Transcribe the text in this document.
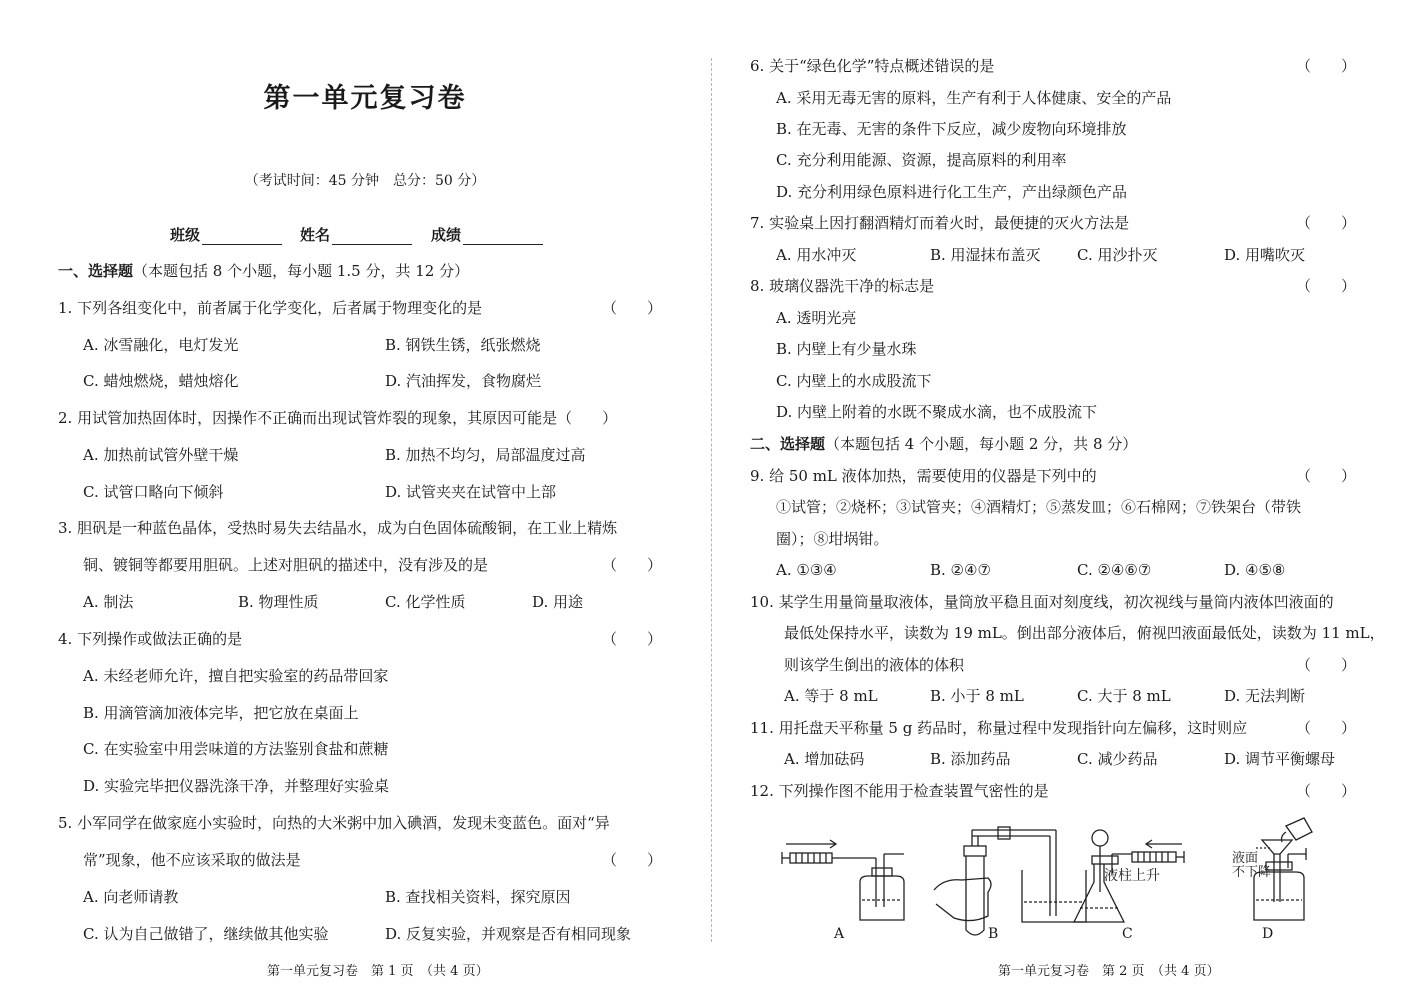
第一单元复习卷
（考试时间：45 分钟　总分：50 分）
班级	姓名	成绩
一、选择题（本题包括 8 个小题，每小题 1.5 分，共 12 分）
1. 下列各组变化中，前者属于化学变化，后者属于物理变化的是	（　　）
A. 冰雪融化，电灯发光	B. 钢铁生锈，纸张燃烧
C. 蜡烛燃烧，蜡烛熔化	D. 汽油挥发，食物腐烂
2. 用试管加热固体时，因操作不正确而出现试管炸裂的现象，其原因可能是（　　）
A. 加热前试管外壁干燥	B. 加热不均匀，局部温度过高
C. 试管口略向下倾斜	D. 试管夹夹在试管中上部
3. 胆矾是一种蓝色晶体，受热时易失去结晶水，成为白色固体硫酸铜，在工业上精炼
铜、镀铜等都要用胆矾。上述对胆矾的描述中，没有涉及的是	（　　）
A. 制法	B. 物理性质	C. 化学性质	D. 用途
4. 下列操作或做法正确的是	（　　）
A. 未经老师允许，擅自把实验室的药品带回家
B. 用滴管滴加液体完毕，把它放在桌面上
C. 在实验室中用尝味道的方法鉴别食盐和蔗糖
D. 实验完毕把仪器洗涤干净，并整理好实验桌
5. 小军同学在做家庭小实验时，向热的大米粥中加入碘酒，发现未变蓝色。面对“异
常”现象，他不应该采取的做法是	（　　）
A. 向老师请教	B. 查找相关资料，探究原因
C. 认为自己做错了，继续做其他实验	D. 反复实验，并观察是否有相同现象
第一单元复习卷　第 1 页　（共 4 页）
6. 关于“绿色化学”特点概述错误的是	（　　）
A. 采用无毒无害的原料，生产有利于人体健康、安全的产品
B. 在无毒、无害的条件下反应，减少废物向环境排放
C. 充分利用能源、资源，提高原料的利用率
D. 充分利用绿色原料进行化工生产，产出绿颜色产品
7. 实验桌上因打翻酒精灯而着火时，最便捷的灭火方法是	（　　）
A. 用水冲灭	B. 用湿抹布盖灭 C. 用沙扑灭	D. 用嘴吹灭
8. 玻璃仪器洗干净的标志是	（　　）
A. 透明光亮
B. 内壁上有少量水珠
C. 内壁上的水成股流下
D. 内壁上附着的水既不聚成水滴，也不成股流下
二、选择题（本题包括 4 个小题，每小题 2 分，共 8 分）
9. 给 50 mL 液体加热，需要使用的仪器是下列中的	（　　）
①试管；②烧杯；③试管夹；④酒精灯；⑤蒸发皿；⑥石棉网；⑦铁架台（带铁
圈）；⑧坩埚钳。
A. ①③④	B. ②④⑦	C. ②④⑥⑦	D. ④⑤⑧
10. 某学生用量筒量取液体，量筒放平稳且面对刻度线，初次视线与量筒内液体凹液面的
最低处保持水平，读数为 19 mL。倒出部分液体后，俯视凹液面最低处，读数为 11 mL，
则该学生倒出的液体的体积	（　　）
A. 等于 8 mL	B. 小于 8 mL	C. 大于 8 mL	D. 无法判断
11. 用托盘天平称量 5 g 药品时，称量过程中发现指针向左偏移，这时则应	（　　）
A. 增加砝码	B. 添加药品	C. 减少药品	D. 调节平衡螺母
12. 下列操作图不能用于检查装置气密性的是	（　　）
液柱上升
液面
不下降
A	B	C	D
第一单元复习卷　第 2 页　（共 4 页）
